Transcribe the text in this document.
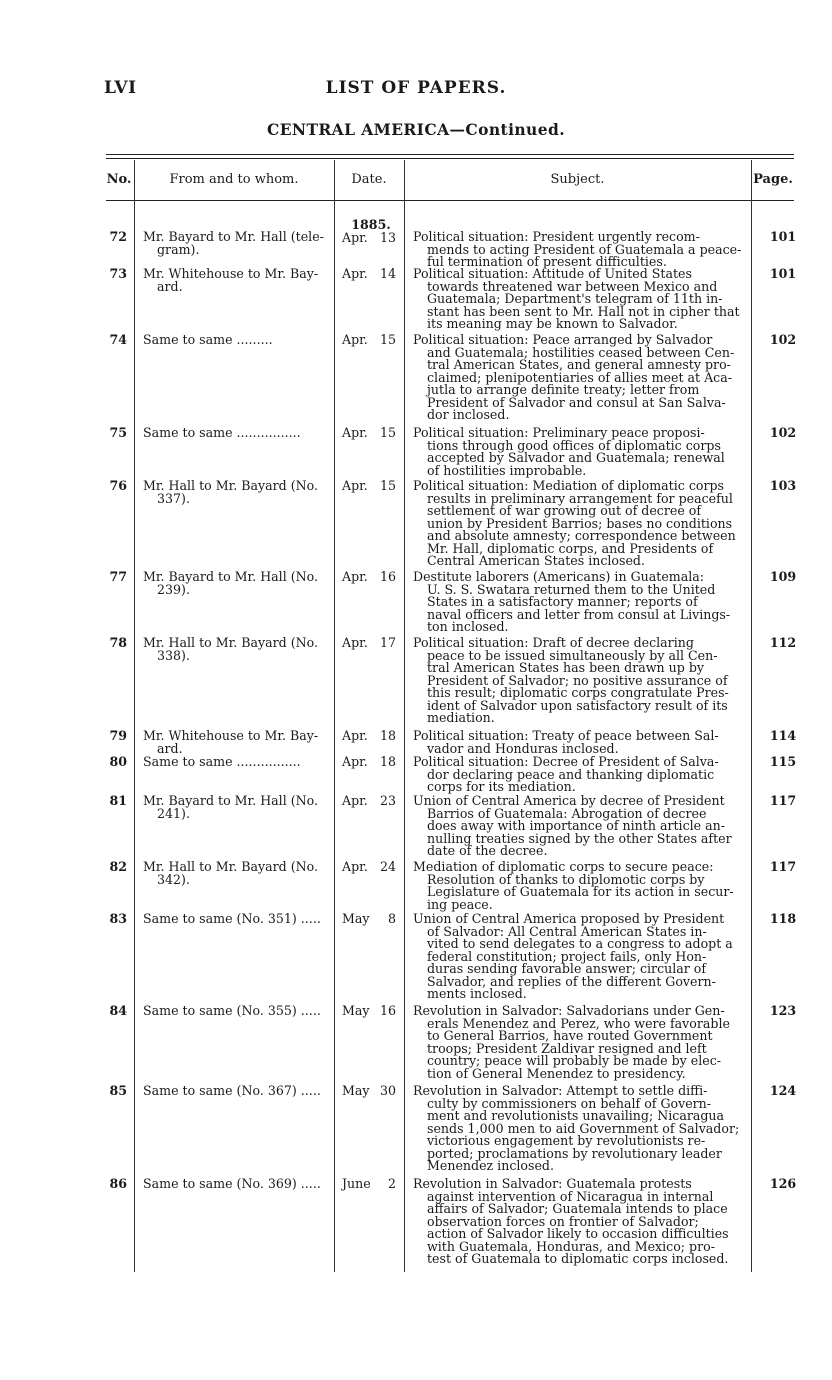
LVI	LIST OF PAPERS.
CENTRAL AMERICA—Continued.
No.	From and to whom.	Date.	Subject.	Page.
72 Mr. Bayard to Mr. Hall (tele-
gram).
1885.
Apr. 13	Political situation: President urgently recom-
mends to acting President of Guatemala a peace-
ful termination of present difficulties.
101
73 Mr. Whitehouse to Mr. Bay-
ard.
Apr. 14	Political situation: Attitude of United States
towards threatened war between Mexico and
Guatemala; Department's telegram of 11th in-
stant has been sent to Mr. Hall not in cipher that
its meaning may be known to Salvador.
101
74 Same to same .........	Apr. 15	Political situation: Peace arranged by Salvador
and Guatemala; hostilities ceased between Cen-
tral American States, and general amnesty pro-
claimed; plenipotentiaries of allies meet at Aca-
jutla to arrange definite treaty; letter from
President of Salvador and consul at San Salva-
dor inclosed.
102
75 Same to same ................	Apr. 15	Political situation: Preliminary peace proposi-
tions through good offices of diplomatic corps
accepted by Salvador and Guatemala; renewal
of hostilities improbable.
102
76 Mr. Hall to Mr. Bayard (No.
337).
Apr. 15	Political situation: Mediation of diplomatic corps
results in preliminary arrangement for peaceful
settlement of war growing out of decree of
union by President Barrios; bases no conditions
and absolute amnesty; correspondence between
Mr. Hall, diplomatic corps, and Presidents of
Central American States inclosed.
103
77 Mr. Bayard to Mr. Hall (No.
239).
Apr. 16	Destitute laborers (Americans) in Guatemala:
U. S. S. Swatara returned them to the United
States in a satisfactory manner; reports of
naval officers and letter from consul at Livings-
ton inclosed.
109
78 Mr. Hall to Mr. Bayard (No.
338).
Apr. 17	Political situation: Draft of decree declaring
peace to be issued simultaneously by all Cen-
tral American States has been drawn up by
President of Salvador; no positive assurance of
this result; diplomatic corps congratulate Pres-
ident of Salvador upon satisfactory result of its
mediation.
112
79 Mr. Whitehouse to Mr. Bay-
ard.
Apr. 18	Political situation: Treaty of peace between Sal-
vador and Honduras inclosed.
114
80 Same to same ................	Apr. 18	Political situation: Decree of President of Salva-
dor declaring peace and thanking diplomatic
corps for its mediation.
115
81 Mr. Bayard to Mr. Hall (No.
241).
Apr. 23	Union of Central America by decree of President
Barrios of Guatemala: Abrogation of decree
does away with importance of ninth article an-
nulling treaties signed by the other States after
date of the decree.
117
82 Mr. Hall to Mr. Bayard (No.
342).
Apr. 24	Mediation of diplomatic corps to secure peace:
Resolution of thanks to diplomotic corps by
Legislature of Guatemala for its action in secur-
ing peace.
117
83 Same to same (No. 351) .....	May 8	Union of Central America proposed by President
of Salvador: All Central American States in-
vited to send delegates to a congress to adopt a
federal constitution; project fails, only Hon-
duras sending favorable answer; circular of
Salvador, and replies of the different Govern-
ments inclosed.
118
84 Same to same (No. 355) .....	May 16	Revolution in Salvador: Salvadorians under Gen-
erals Menendez and Perez, who were favorable
to General Barrios, have routed Government
troops; President Zaldivar resigned and left
country; peace will probably be made by elec-
tion of General Menendez to presidency.
123
85 Same to same (No. 367) .....	May 30	Revolution in Salvador: Attempt to settle diffi-
culty by commissioners on behalf of Govern-
ment and revolutionists unavailing; Nicaragua
sends 1,000 men to aid Government of Salvador;
victorious engagement by revolutionists re-
ported; proclamations by revolutionary leader
Menendez inclosed.
124
86 Same to same (No. 369) .....	June 2	Revolution in Salvador: Guatemala protests
against intervention of Nicaragua in internal
affairs of Salvador; Guatemala intends to place
observation forces on frontier of Salvador;
action of Salvador likely to occasion difficulties
with Guatemala, Honduras, and Mexico; pro-
test of Guatemala to diplomatic corps inclosed.
126
